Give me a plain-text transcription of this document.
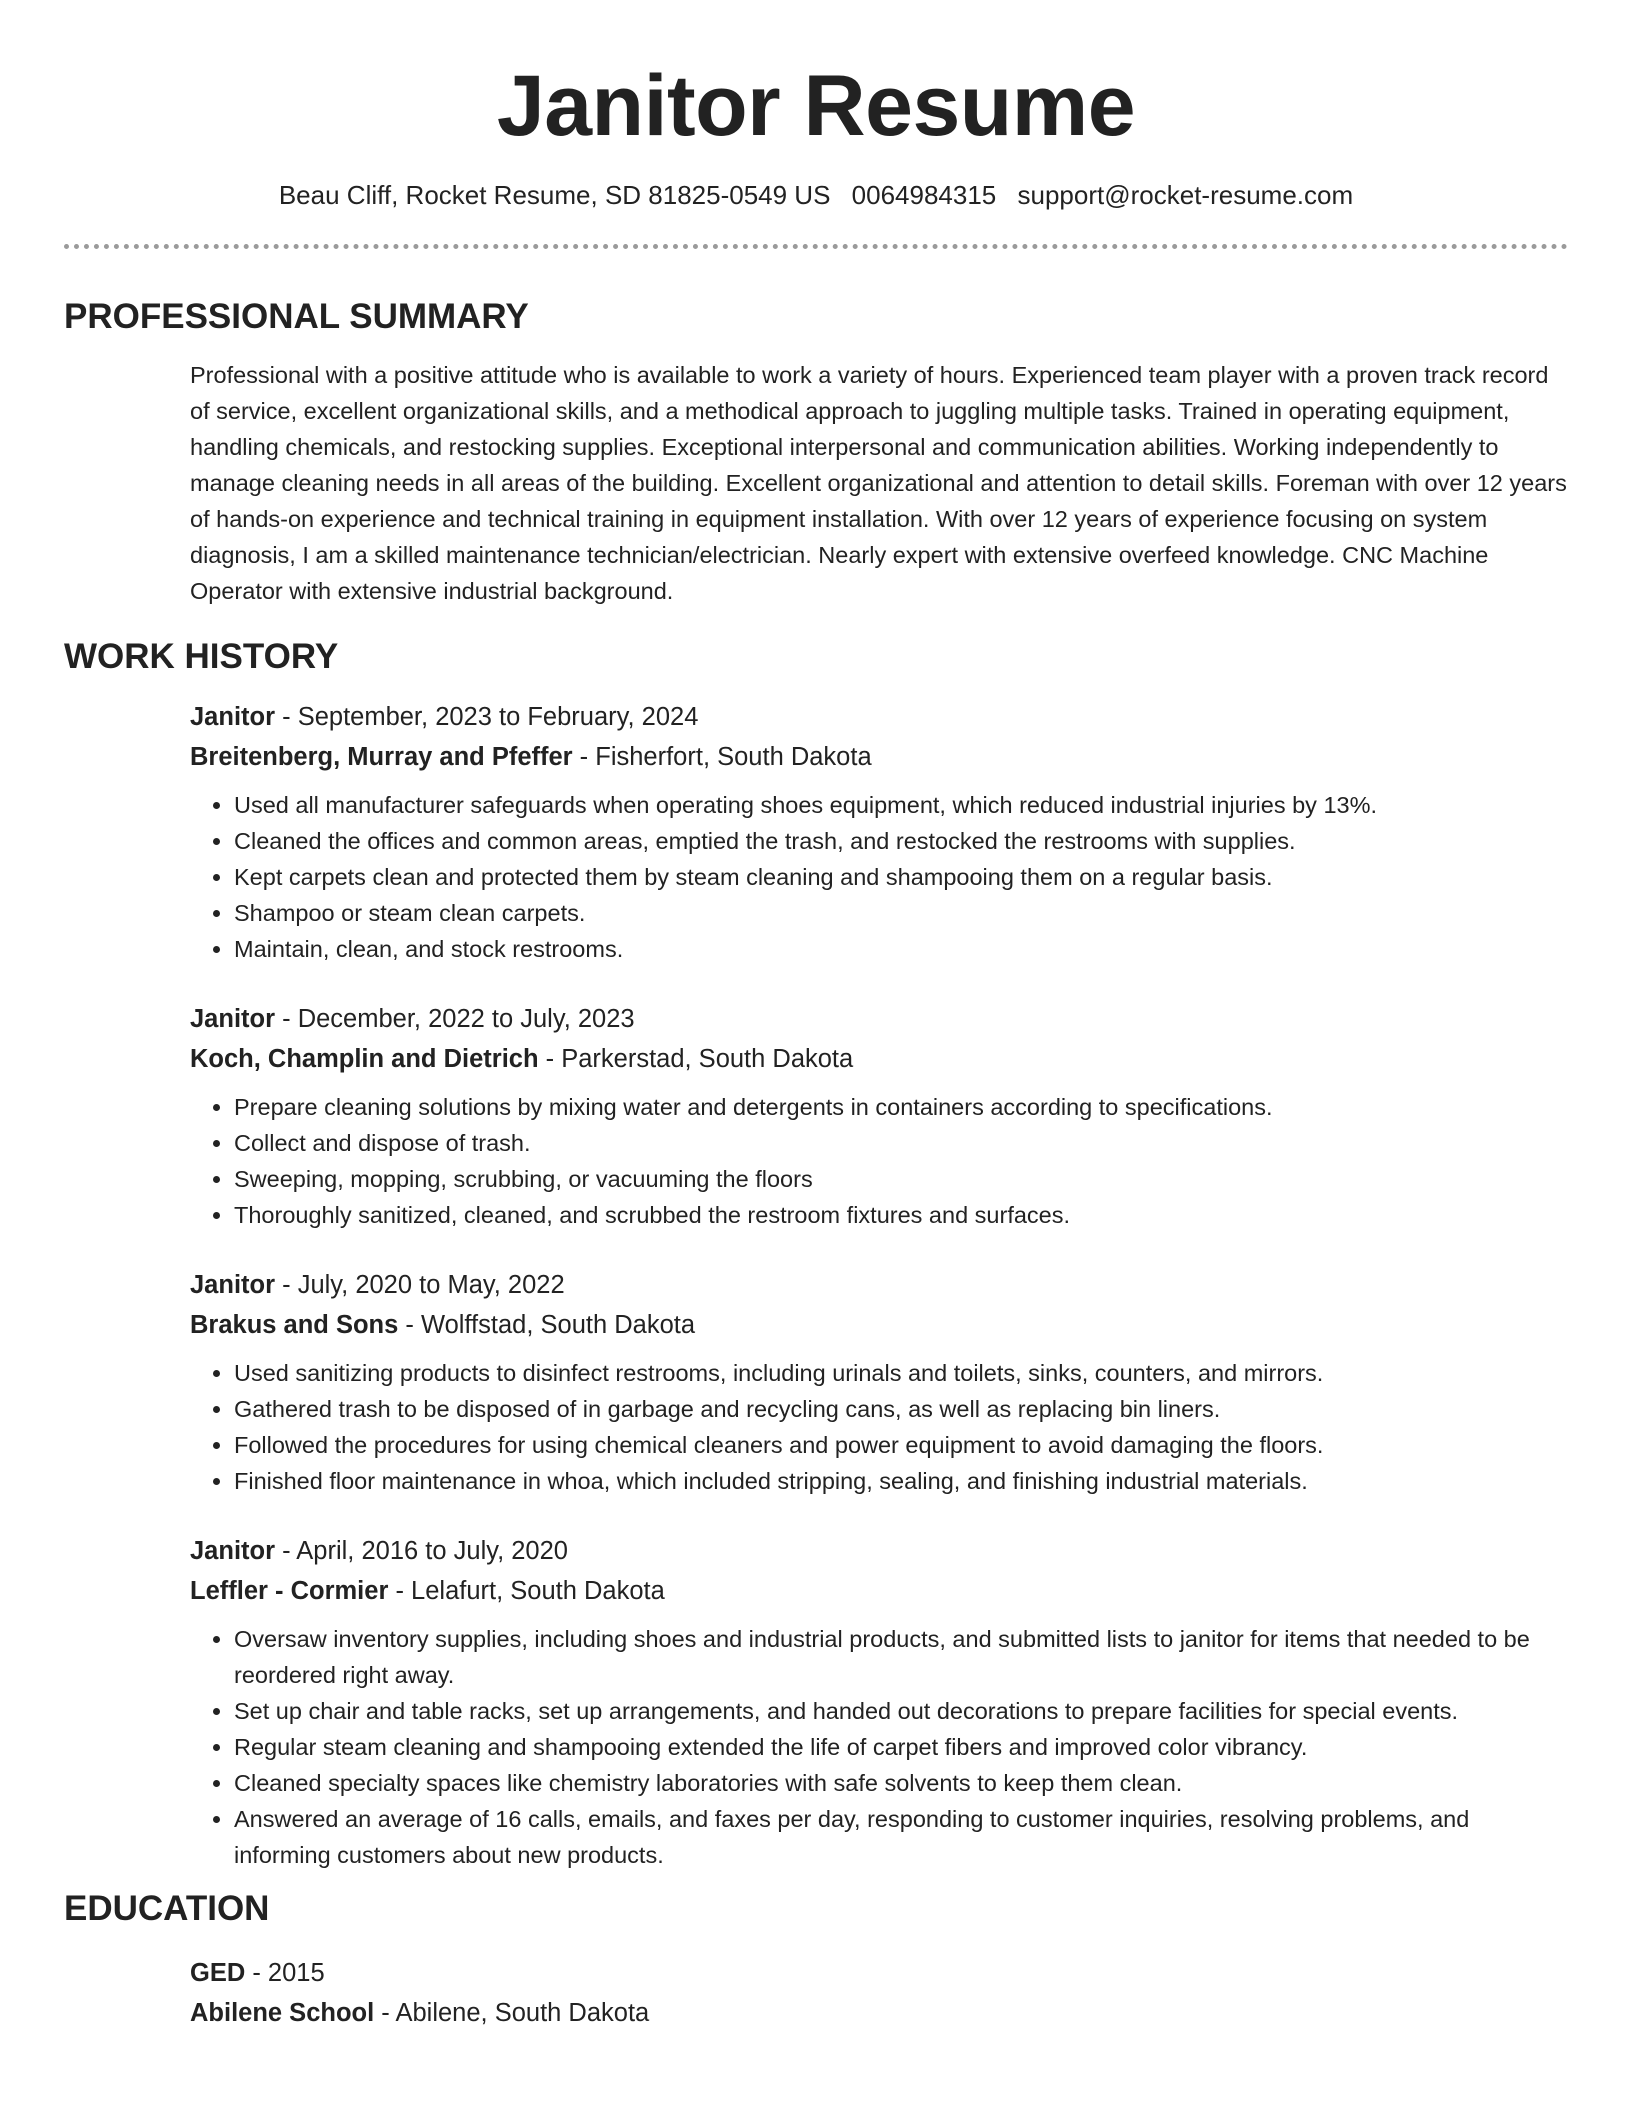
Janitor Resume
Beau Cliff, Rocket Resume, SD 81825-0549 US 0064984315 support@rocket-resume.com
PROFESSIONAL SUMMARY

Professional with a positive attitude who is available to work a variety of hours. Experienced team player with a proven track record of service, excellent organizational skills, and a methodical approach to juggling multiple tasks. Trained in operating equipment, handling chemicals, and restocking supplies. Exceptional interpersonal and communication abilities. Working independently to manage cleaning needs in all areas of the building. Excellent organizational and attention to detail skills. Foreman with over 12 years of hands-on experience and technical training in equipment installation. With over 12 years of experience focusing on system diagnosis, I am a skilled maintenance technician/electrician. Nearly expert with extensive overfeed knowledge. CNC Machine Operator with extensive industrial background.

WORK HISTORY
Janitor - September, 2023 to February, 2024
Breitenberg, Murray and Pfeffer - Fisherfort, South Dakota
• Used all manufacturer safeguards when operating shoes equipment, which reduced industrial injuries by 13%.
• Cleaned the offices and common areas, emptied the trash, and restocked the restrooms with supplies.
• Kept carpets clean and protected them by steam cleaning and shampooing them on a regular basis.
• Shampoo or steam clean carpets.
• Maintain, clean, and stock restrooms.
Janitor - December, 2022 to July, 2023
Koch, Champlin and Dietrich - Parkerstad, South Dakota
• Prepare cleaning solutions by mixing water and detergents in containers according to specifications.
• Collect and dispose of trash.
• Sweeping, mopping, scrubbing, or vacuuming the floors
• Thoroughly sanitized, cleaned, and scrubbed the restroom fixtures and surfaces.
Janitor - July, 2020 to May, 2022
Brakus and Sons - Wolffstad, South Dakota
• Used sanitizing products to disinfect restrooms, including urinals and toilets, sinks, counters, and mirrors.
• Gathered trash to be disposed of in garbage and recycling cans, as well as replacing bin liners.
• Followed the procedures for using chemical cleaners and power equipment to avoid damaging the floors.
• Finished floor maintenance in whoa, which included stripping, sealing, and finishing industrial materials.
Janitor - April, 2016 to July, 2020
Leffler - Cormier - Lelafurt, South Dakota
• Oversaw inventory supplies, including shoes and industrial products, and submitted lists to janitor for items that needed to be reordered right away.
• Set up chair and table racks, set up arrangements, and handed out decorations to prepare facilities for special events.
• Regular steam cleaning and shampooing extended the life of carpet fibers and improved color vibrancy.
• Cleaned specialty spaces like chemistry laboratories with safe solvents to keep them clean.
• Answered an average of 16 calls, emails, and faxes per day, responding to customer inquiries, resolving problems, and informing customers about new products.
EDUCATION
GED - 2015
Abilene School - Abilene, South Dakota
